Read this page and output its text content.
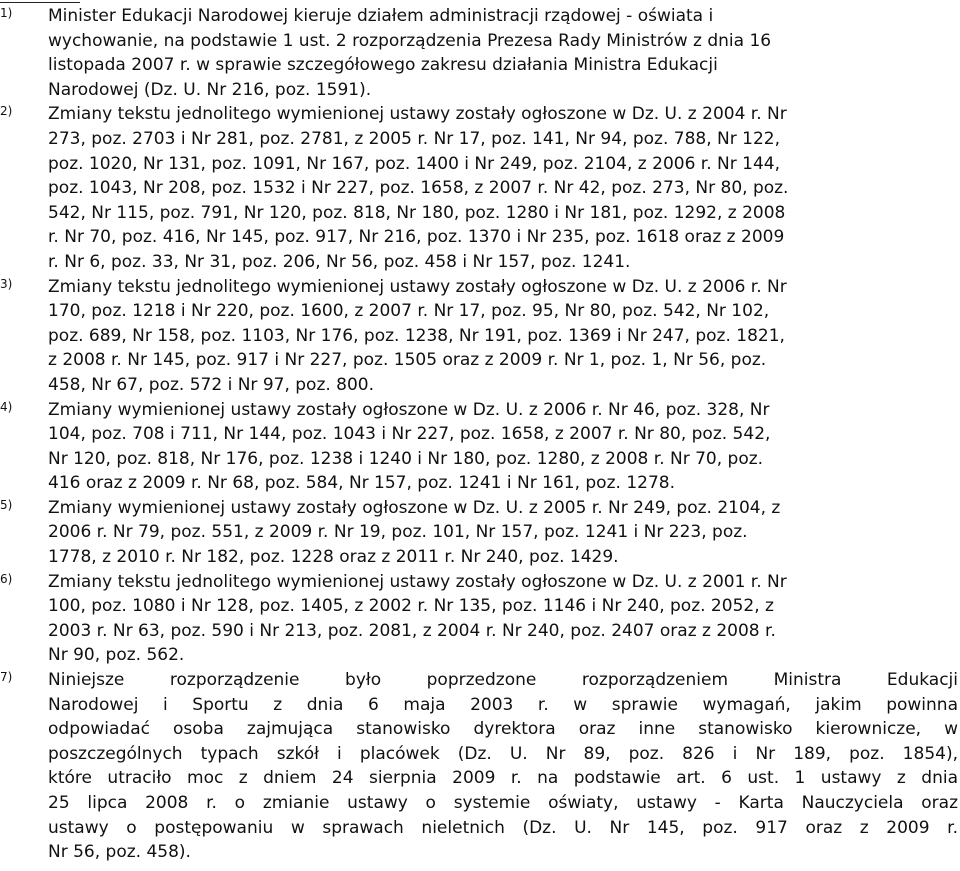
1) Minister Edukacji Narodowej kieruje działem administracji rządowej - oświata i
wychowanie, na podstawie 1 ust. 2 rozporządzenia Prezesa Rady Ministrów z dnia 16
listopada 2007 r. w sprawie szczegółowego zakresu działania Ministra Edukacji
Narodowej (Dz. U. Nr 216, poz. 1591).
2) Zmiany tekstu jednolitego wymienionej ustawy zostały ogłoszone w Dz. U. z 2004 r. Nr
273, poz. 2703 i Nr 281, poz. 2781, z 2005 r. Nr 17, poz. 141, Nr 94, poz. 788, Nr 122,
poz. 1020, Nr 131, poz. 1091, Nr 167, poz. 1400 i Nr 249, poz. 2104, z 2006 r. Nr 144,
poz. 1043, Nr 208, poz. 1532 i Nr 227, poz. 1658, z 2007 r. Nr 42, poz. 273, Nr 80, poz.
542, Nr 115, poz. 791, Nr 120, poz. 818, Nr 180, poz. 1280 i Nr 181, poz. 1292, z 2008
r. Nr 70, poz. 416, Nr 145, poz. 917, Nr 216, poz. 1370 i Nr 235, poz. 1618 oraz z 2009
r. Nr 6, poz. 33, Nr 31, poz. 206, Nr 56, poz. 458 i Nr 157, poz. 1241.
3) Zmiany tekstu jednolitego wymienionej ustawy zostały ogłoszone w Dz. U. z 2006 r. Nr
170, poz. 1218 i Nr 220, poz. 1600, z 2007 r. Nr 17, poz. 95, Nr 80, poz. 542, Nr 102,
poz. 689, Nr 158, poz. 1103, Nr 176, poz. 1238, Nr 191, poz. 1369 i Nr 247, poz. 1821,
z 2008 r. Nr 145, poz. 917 i Nr 227, poz. 1505 oraz z 2009 r. Nr 1, poz. 1, Nr 56, poz.
458, Nr 67, poz. 572 i Nr 97, poz. 800.
4) Zmiany wymienionej ustawy zostały ogłoszone w Dz. U. z 2006 r. Nr 46, poz. 328, Nr
104, poz. 708 i 711, Nr 144, poz. 1043 i Nr 227, poz. 1658, z 2007 r. Nr 80, poz. 542,
Nr 120, poz. 818, Nr 176, poz. 1238 i 1240 i Nr 180, poz. 1280, z 2008 r. Nr 70, poz.
416 oraz z 2009 r. Nr 68, poz. 584, Nr 157, poz. 1241 i Nr 161, poz. 1278.
5) Zmiany wymienionej ustawy zostały ogłoszone w Dz. U. z 2005 r. Nr 249, poz. 2104, z
2006 r. Nr 79, poz. 551, z 2009 r. Nr 19, poz. 101, Nr 157, poz. 1241 i Nr 223, poz.
1778, z 2010 r. Nr 182, poz. 1228 oraz z 2011 r. Nr 240, poz. 1429.
6) Zmiany tekstu jednolitego wymienionej ustawy zostały ogłoszone w Dz. U. z 2001 r. Nr
100, poz. 1080 i Nr 128, poz. 1405, z 2002 r. Nr 135, poz. 1146 i Nr 240, poz. 2052, z
2003 r. Nr 63, poz. 590 i Nr 213, poz. 2081, z 2004 r. Nr 240, poz. 2407 oraz z 2008 r.
Nr 90, poz. 562.
7) Niniejsze rozporządzenie było poprzedzone rozporządzeniem Ministra Edukacji
Narodowej i Sportu z dnia 6 maja 2003 r. w sprawie wymagań, jakim powinna
odpowiadać osoba zajmująca stanowisko dyrektora oraz inne stanowisko kierownicze, w
poszczególnych typach szkół i placówek (Dz. U. Nr 89, poz. 826 i Nr 189, poz. 1854),
które utraciło moc z dniem 24 sierpnia 2009 r. na podstawie art. 6 ust. 1 ustawy z dnia
25 lipca 2008 r. o zmianie ustawy o systemie oświaty, ustawy - Karta Nauczyciela oraz
ustawy o postępowaniu w sprawach nieletnich (Dz. U. Nr 145, poz. 917 oraz z 2009 r.
Nr 56, poz. 458).
